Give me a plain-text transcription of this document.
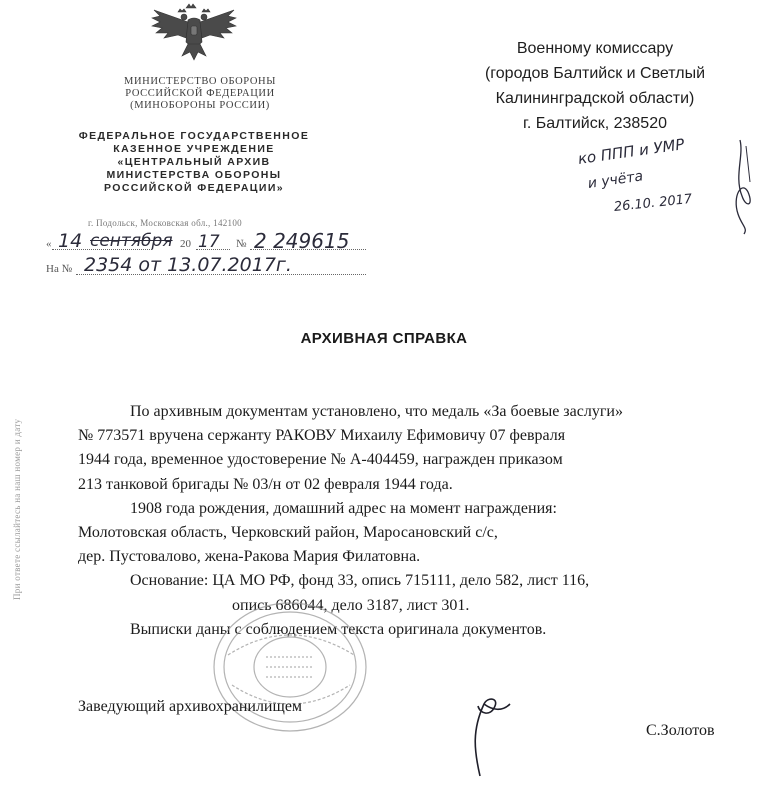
МИНИСТЕРСТВО ОБОРОНЫ
РОССИЙСКОЙ ФЕДЕРАЦИИ
(МИНОБОРОНЫ РОССИИ)
ФЕДЕРАЛЬНОЕ ГОСУДАРСТВЕННОЕ
КАЗЕННОЕ УЧРЕЖДЕНИЕ
«ЦЕНТРАЛЬНЫЙ АРХИВ
МИНИСТЕРСТВА ОБОРОНЫ
РОССИЙСКОЙ ФЕДЕРАЦИИ»
г. Подольск, Московская обл., 142100
« 14 сентября 20 17 № 2 249615
На № 2354 от 13.07.2017г.
Военному комиссару
(городов Балтийск и Светлый
Калининградской области)
г. Балтийск, 238520
ко ППП и УМР
и учёта
26.10. 2017
При ответе ссылайтесь на наш номер и дату
АРХИВНАЯ СПРАВКА

По архивным документам установлено, что медаль «За боевые заслуги»

№ 773571 вручена сержанту РАКОВУ Михаилу Ефимовичу 07 февраля

1944 года, временное удостоверение № А-404459, награжден приказом

213 танковой бригады № 03/н от 02 февраля 1944 года.

1908 года рождения, домашний адрес на момент награждения:

Молотовская область, Черковский район, Маросановский с/с,

дер. Пустовалово, жена-Ракова Мария Филатовна.

Основание: ЦА МО РФ, фонд 33, опись 715111, дело 582, лист 116,

опись 686044, дело 3187, лист 301.

Выписки даны с соблюдением текста оригинала документов.

Заведующий архивохранилищем
С.Золотов
